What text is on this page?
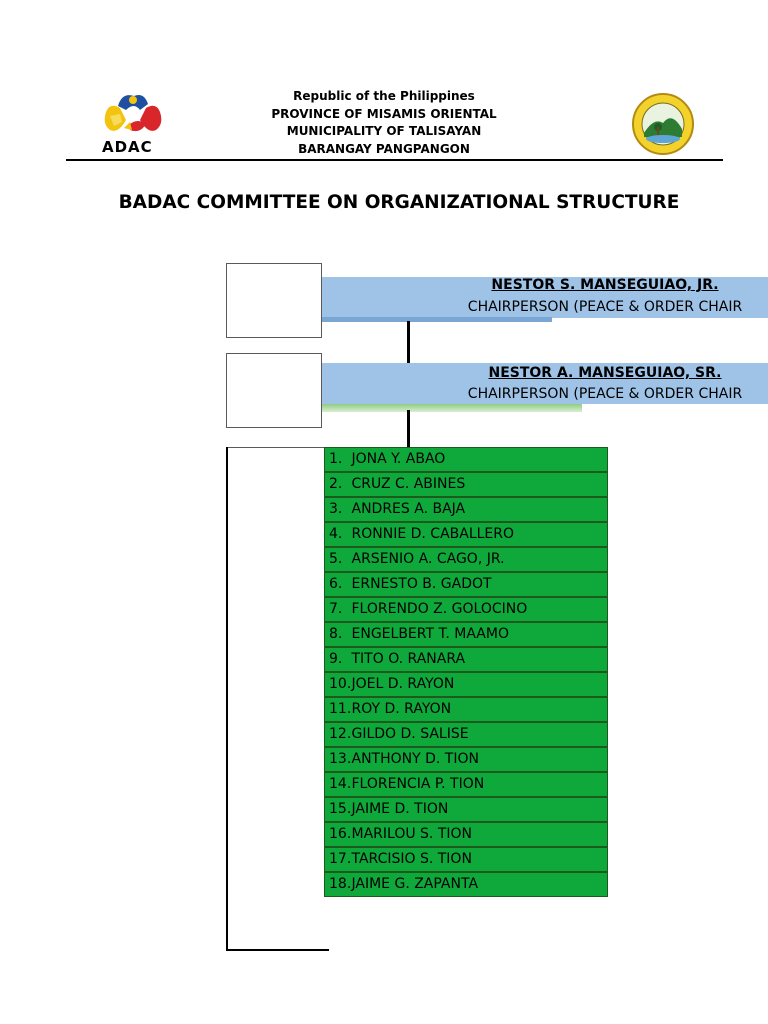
ADAC
Republic of the Philippines
PROVINCE OF MISAMIS ORIENTAL
MUNICIPALITY OF TALISAYAN
BARANGAY PANGPANGON
BADAC COMMITTEE ON ORGANIZATIONAL STRUCTURE
NESTOR S. MANSEGUIAO, JR.
CHAIRPERSON (PEACE & ORDER CHAIR
NESTOR A. MANSEGUIAO, SR.
CHAIRPERSON (PEACE & ORDER CHAIR
1. JONA Y. ABAO
2. CRUZ C. ABINES
3. ANDRES A. BAJA
4. RONNIE D. CABALLERO
5. ARSENIO A. CAGO, JR.
6. ERNESTO B. GADOT
7. FLORENDO Z. GOLOCINO
8. ENGELBERT T. MAAMO
9. TITO O. RANARA
10.JOEL D. RAYON
11.ROY D. RAYON
12.GILDO D. SALISE
13.ANTHONY D. TION
14.FLORENCIA P. TION
15.JAIME D. TION
16.MARILOU S. TION
17.TARCISIO S. TION
18.JAIME G. ZAPANTA
